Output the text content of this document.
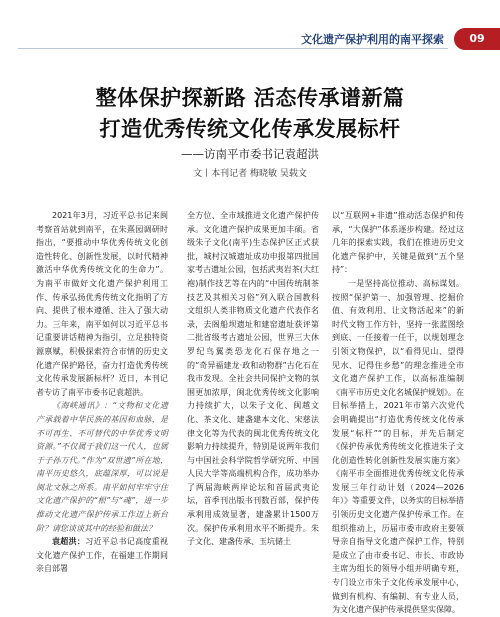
文化遗产保护利用的南平探索	09
整体保护探新路 活态传承谱新篇
打造优秀传统文化传承发展标杆
——访南平市委书记袁超洪
文丨本刊记者 梅晓敏 吴载文

2021年3月，习近平总书记来闽考察首站就到南平，在朱熹园调研时指出，“要推动中华优秀传统文化创造性转化、创新性发展，以时代精神激活中华优秀传统文化的生命力”。为南平市做好文化遗产保护利用工作、传承弘扬优秀传统文化指明了方向、提供了根本遵循、注入了强大动力。三年来，南平如何以习近平总书记重要讲话精神为指引，立足独特资源禀赋，积极探索符合市情的历史文化遗产保护路径，奋力打造优秀传统文化传承发展新标杆？近日，本刊记者专访了南平市委书记袁超洪。

《海峡通讯》：“文物和文化遗产承载着中华民族的基因和血脉，是不可再生、不可替代的中华优秀文明资源。”不仅属于我们这一代人，也属于子孙万代。”作为“双世遗”所在地，南平历史悠久，底蕴深厚，可以说是闽北文脉之所系。南平如何牢牢守住文化遗产保护的“根”与“魂”，进一步推动文化遗产保护传承工作迈上新台阶？请您谈谈其中的经验和做法？

袁超洪：习近平总书记高度重视文化遗产保护工作，在福建工作期间亲自部署

全方位、全市域推进文化遗产保护传承。文化遗产保护成果更加丰硕。省级朱子文化(南平)生态保护区正式获批，城村汉城遗址成功申报第四批国家考古遗址公园，包括武夷岩茶(大红袍)制作技艺等在内的“中国传统制茶技艺及其相关习俗”列入联合国教科文组织人类非物质文化遗产代表作名录，去阁船坝遗址和建窑遗址获评第二批省级考古遗址公园，世界三大休罗纪鸟翼类恐龙化石保存地之一的“奇异福建龙·政和动物群”古化石在我市发现。全社会共同保护文物的氛围更加浓厚，闽北优秀传统文化影响力持续扩大，以朱子文化、闽越文化、茶文化、建盏建本文化、宋慈法律文化等为代表的闽北优秀传统文化影响力持续提升，特别是说两年我们与中国社会科学院哲学研究所、中国人民大学等高端机构合作，成功举办了两届海峡两岸论坛和首届武夷论坛，首季刊出版书刊数百部，保护传承利用成效显著，建盏累计1500万次。保护传承利用水平不断提升。朱子文化、建盏传承、玉坑储土

以“互联网+非遗”推动活态保护和传承，“大保护”体系逐步构建。经过这几年的探索实践，我们在推进历史文化遗产保护中，关键是做到“五个坚持”：

一是坚持高位推动、高标谋划。按照“保护第一、加强管理、挖掘价值、有效利用、让文物活起来”的新时代文物工作方针，坚持一张蓝图绘到底、一任接着一任干，以规划理念引领文物保护，以“看得见山、望得见水、记得住乡愁”的理念推进全市文化遗产保护工作，以高标准编制《南平市历史文化名城保护规划》。在目标举措上，2021年市第六次党代会明确提出“打造优秀传统文化传承发展“标杆”“的目标，并先后制定《保护传承优秀传统文化推进朱子文化创造性转化创新性发展实施方案》《南平市全面推进优秀传统文化传承发展三年行动计划（2024—2026年）》等重要文件，以务实的目标举措引领历史文化遗产保护传承工作。在组织推动上，历届市委市政府主要领导亲自指导文化遗产保护工作，特别是成立了由市委书记、市长、市政协主席为组长的领导小组并明确专班，专门设立市朱子文化传承发展中心，做到有机构、有编制、有专业人员，为文化遗产保护传承提供坚实保障。
